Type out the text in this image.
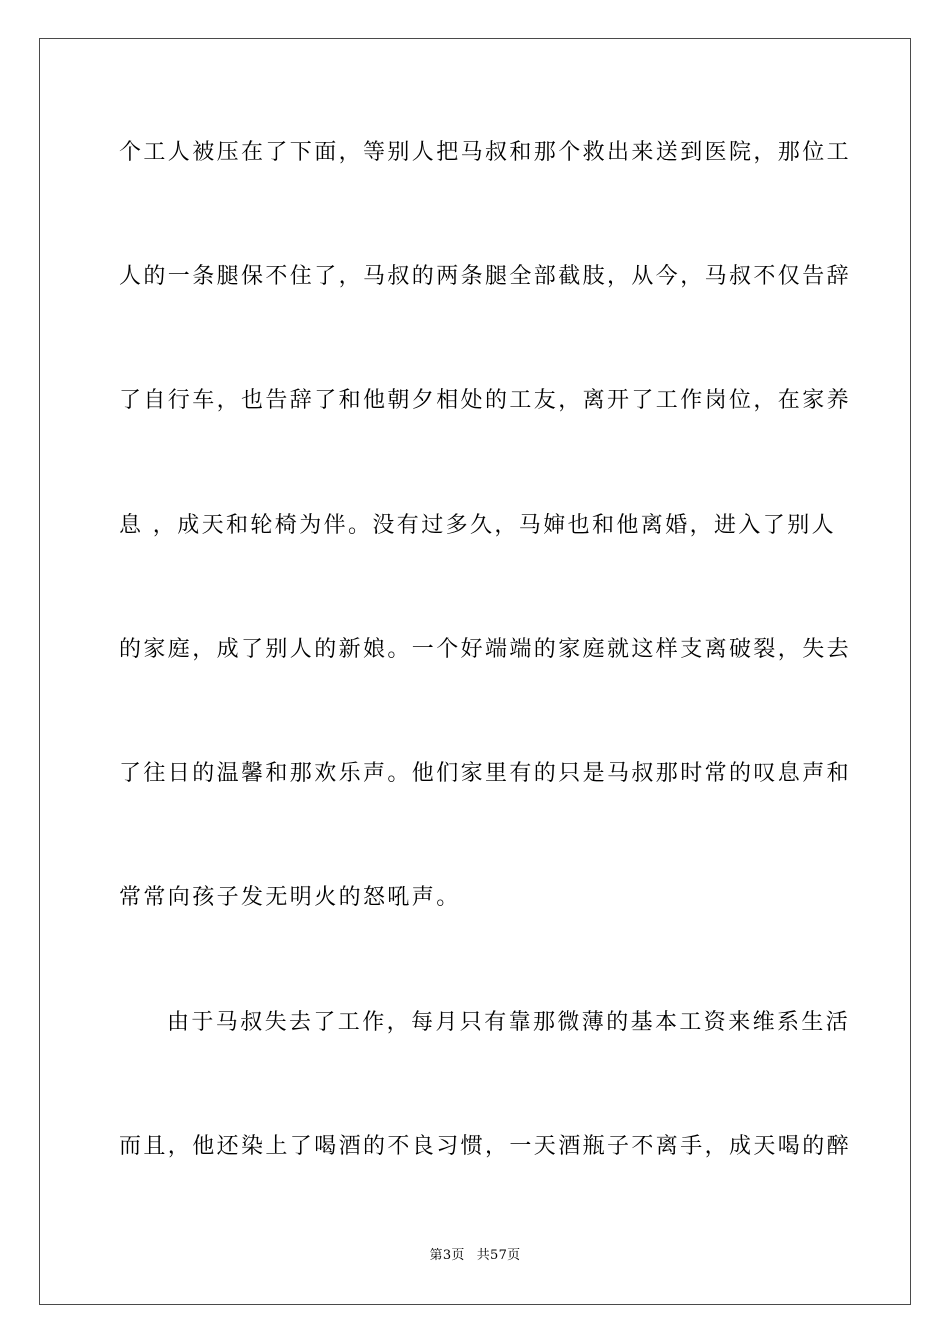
个工人被压在了下面，等别人把马叔和那个救出来送到医院，那位工
人的一条腿保不住了，马叔的两条腿全部截肢，从今，马叔不仅告辞
了自行车，也告辞了和他朝夕相处的工友，离开了工作岗位，在家养
息 ，成天和轮椅为伴。没有过多久，马婶也和他离婚，进入了别人
的家庭，成了别人的新娘。一个好端端的家庭就这样支离破裂，失去
了往日的温馨和那欢乐声。他们家里有的只是马叔那时常的叹息声和
常常向孩子发无明火的怒吼声。
由于马叔失去了工作，每月只有靠那微薄的基本工资来维系生活
而且，他还染上了喝酒的不良习惯，一天酒瓶子不离手，成天喝的醉
第3页 共57页
